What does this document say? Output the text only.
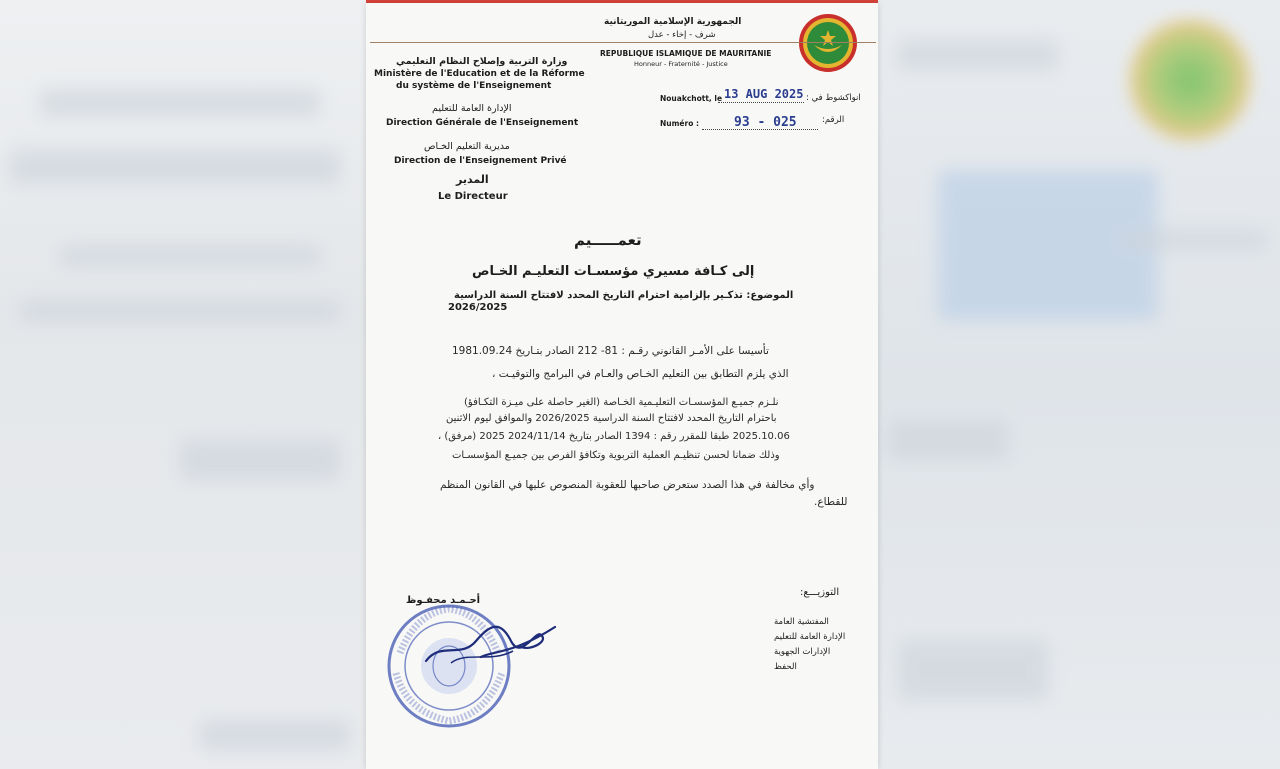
الجمهورية الإسلامية الموريتانية
شرف - إخاء - عدل
REPUBLIQUE ISLAMIQUE DE MAURITANIE
Honneur - Fraternité - Justice
وزارة التربية وإصلاح النظام التعليمي
Ministère de l'Education et de la Réforme
du système de l'Enseignement
الإدارة العامة للتعليم
Direction Générale de l'Enseignement
مديرية التعليم الخـاص
Direction de l'Enseignement Privé
المدير
Le Directeur
Nouakchott, le 13 AUG 2025 انواكشوط في :
Numéro :	93 - 025	الرقم:
تعمـــــيم
إلى كـافة مسيري مؤسسـات التعليـم الخـاص
الموضوع: تذكـير بإلزامية احترام التاريخ المحدد لافتتاح السنة الدراسية
2026/2025
تأسيسا على الأمـر القانوني رقـم : 81- 212 الصادر بتـاريخ 1981.09.24
الذي يلزم التطابق بين التعليم الخـاص والعـام في البرامج والتوقيـت ،
نلـزم جميـع المؤسسـات التعليـمية الخـاصة (الغير حاصلة على ميـزة التكـافؤ)
باحترام التاريخ المحدد لافتتاح السنة الدراسية 2026/2025 والموافق ليوم الاثنين
2025.10.06 طبقا للمقرر رقم : 1394 الصادر بتاريخ 2024/11/14 2025 (مرفق) ،
وذلك ضمانا لحسن تنظيـم العملية التربوية وتكافؤ الفرص بين جميـع المؤسسـات
وأي مخالفة في هذا الصدد ستعرض صاحبها للعقوبة المنصوص عليها في القانون المنظم
للقطاع.
التوزيـــع:
المفتشية العامة
الإدارة العامة للتعليم
الإدارات الجهوية
الحفظ
أحـمـد محفـوظ
